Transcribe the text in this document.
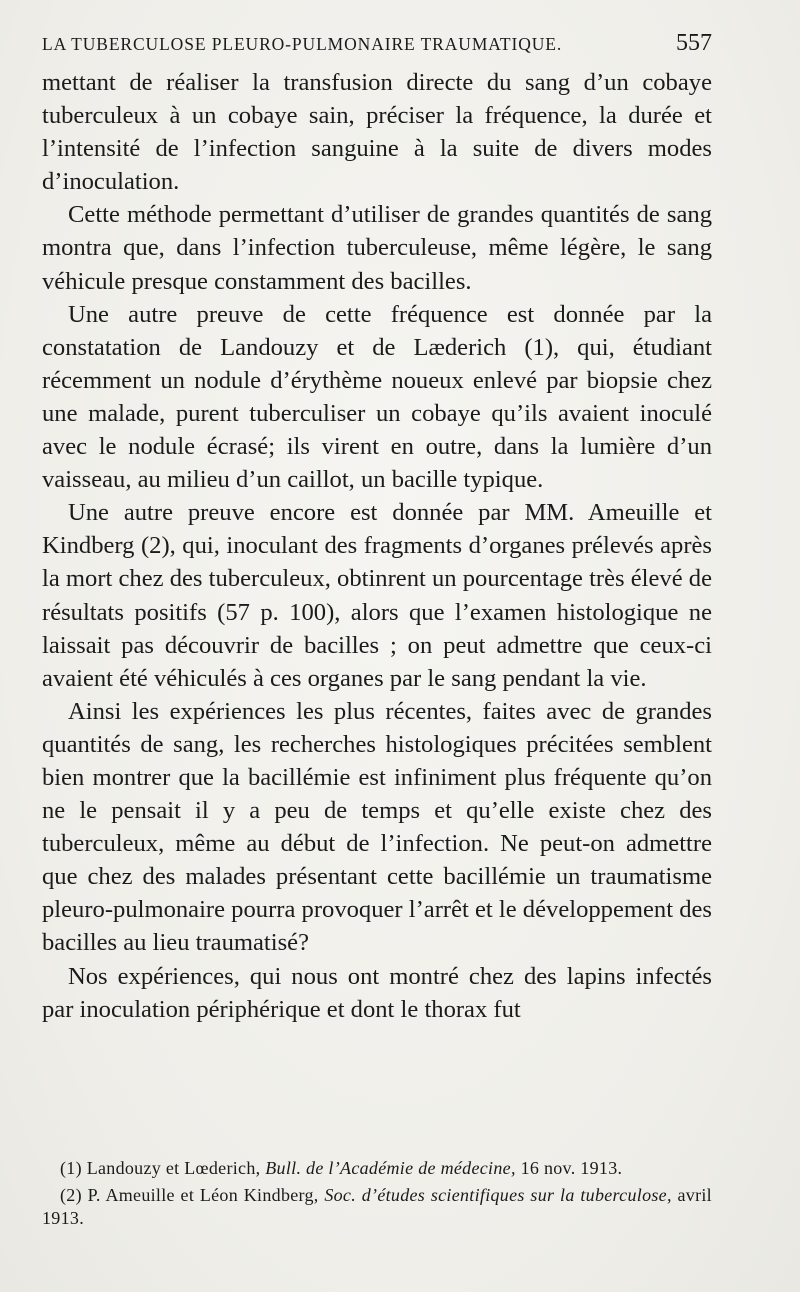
LA TUBERCULOSE PLEURO-PULMONAIRE TRAUMATIQUE.	557

mettant de réaliser la transfusion directe du sang d’un cobaye tuberculeux à un cobaye sain, préciser la fréquence, la durée et l’intensité de l’infection sanguine à la suite de divers modes d’inoculation.

Cette méthode permettant d’utiliser de grandes quantités de sang montra que, dans l’infection tuberculeuse, même légère, le sang véhicule presque constamment des bacilles.

Une autre preuve de cette fréquence est donnée par la constatation de Landouzy et de Læderich (1), qui, étudiant récemment un nodule d’érythème noueux enlevé par biopsie chez une malade, purent tuberculiser un cobaye qu’ils avaient inoculé avec le nodule écrasé; ils virent en outre, dans la lumière d’un vaisseau, au milieu d’un caillot, un bacille typique.

Une autre preuve encore est donnée par MM. Ameuille et Kindberg (2), qui, inoculant des fragments d’organes prélevés après la mort chez des tuberculeux, obtinrent un pourcentage très élevé de résultats positifs (57 p. 100), alors que l’examen histologique ne laissait pas découvrir de bacilles ; on peut admettre que ceux-ci avaient été véhiculés à ces organes par le sang pendant la vie.

Ainsi les expériences les plus récentes, faites avec de grandes quantités de sang, les recherches histologiques précitées semblent bien montrer que la bacillémie est infiniment plus fréquente qu’on ne le pensait il y a peu de temps et qu’elle existe chez des tuberculeux, même au début de l’infection. Ne peut-on admettre que chez des malades présentant cette bacillémie un traumatisme pleuro-pulmonaire pourra provoquer l’arrêt et le développement des bacilles au lieu traumatisé?

Nos expériences, qui nous ont montré chez des lapins infectés par inoculation périphérique et dont le thorax fut

(1) Landouzy et Lœderich, Bull. de l’Académie de médecine, 16 nov. 1913.

(2) P. Ameuille et Léon Kindberg, Soc. d’études scientifiques sur la tuberculose, avril 1913.
